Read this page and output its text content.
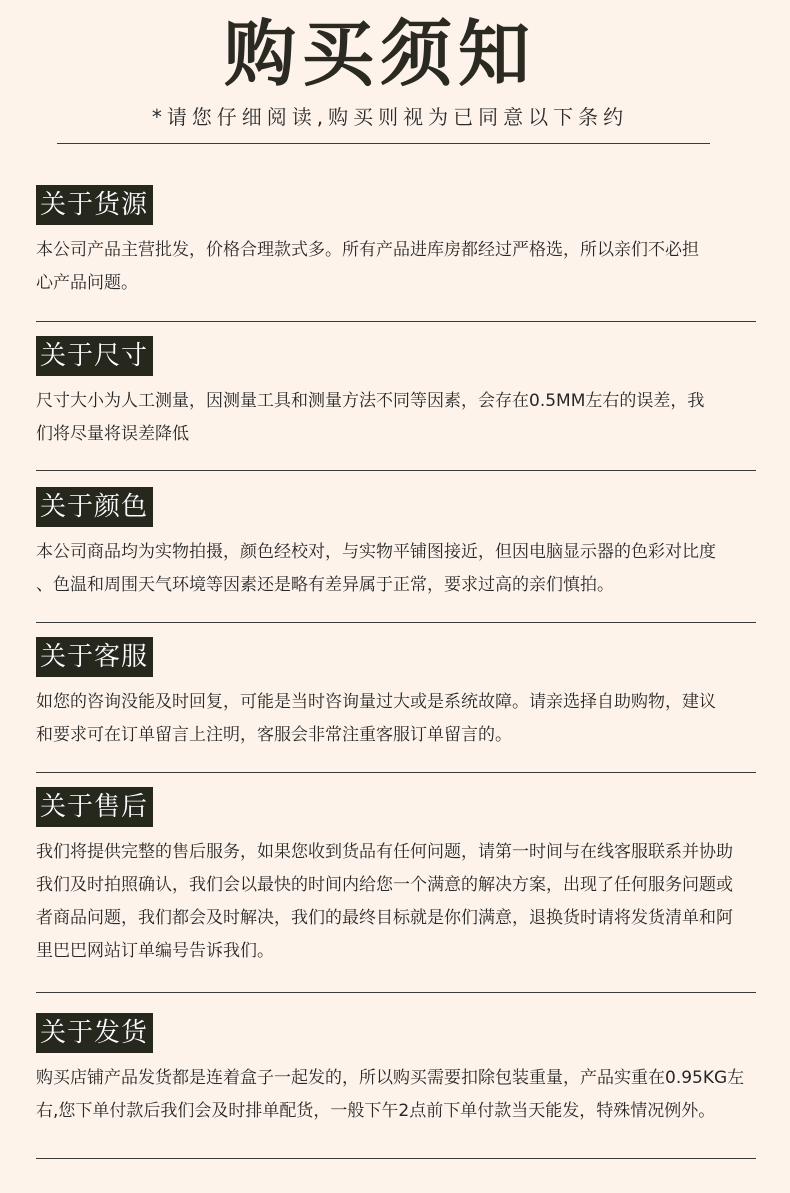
购买须知
*请您仔细阅读,购买则视为已同意以下条约
关于货源
本公司产品主营批发，价格合理款式多。所有产品进库房都经过严格选，所以亲们不必担
心产品问题。
关于尺寸
尺寸大小为人工测量，因测量工具和测量方法不同等因素，会存在0.5MM左右的误差，我
们将尽量将误差降低
关于颜色
本公司商品均为实物拍摄，颜色经校对，与实物平铺图接近，但因电脑显示器的色彩对比度
、色温和周围天气环境等因素还是略有差异属于正常，要求过高的亲们慎拍。
关于客服
如您的咨询没能及时回复，可能是当时咨询量过大或是系统故障。请亲选择自助购物，建议
和要求可在订单留言上注明，客服会非常注重客服订单留言的。
关于售后
我们将提供完整的售后服务，如果您收到货品有任何问题，请第一时间与在线客服联系并协助
我们及时拍照确认，我们会以最快的时间内给您一个满意的解决方案，出现了任何服务问题或
者商品问题，我们都会及时解决，我们的最终目标就是你们满意，退换货时请将发货清单和阿
里巴巴网站订单编号告诉我们。
关于发货
购买店铺产品发货都是连着盒子一起发的，所以购买需要扣除包装重量，产品实重在0.95KG左
右,您下单付款后我们会及时排单配货，一般下午2点前下单付款当天能发，特殊情况例外。
